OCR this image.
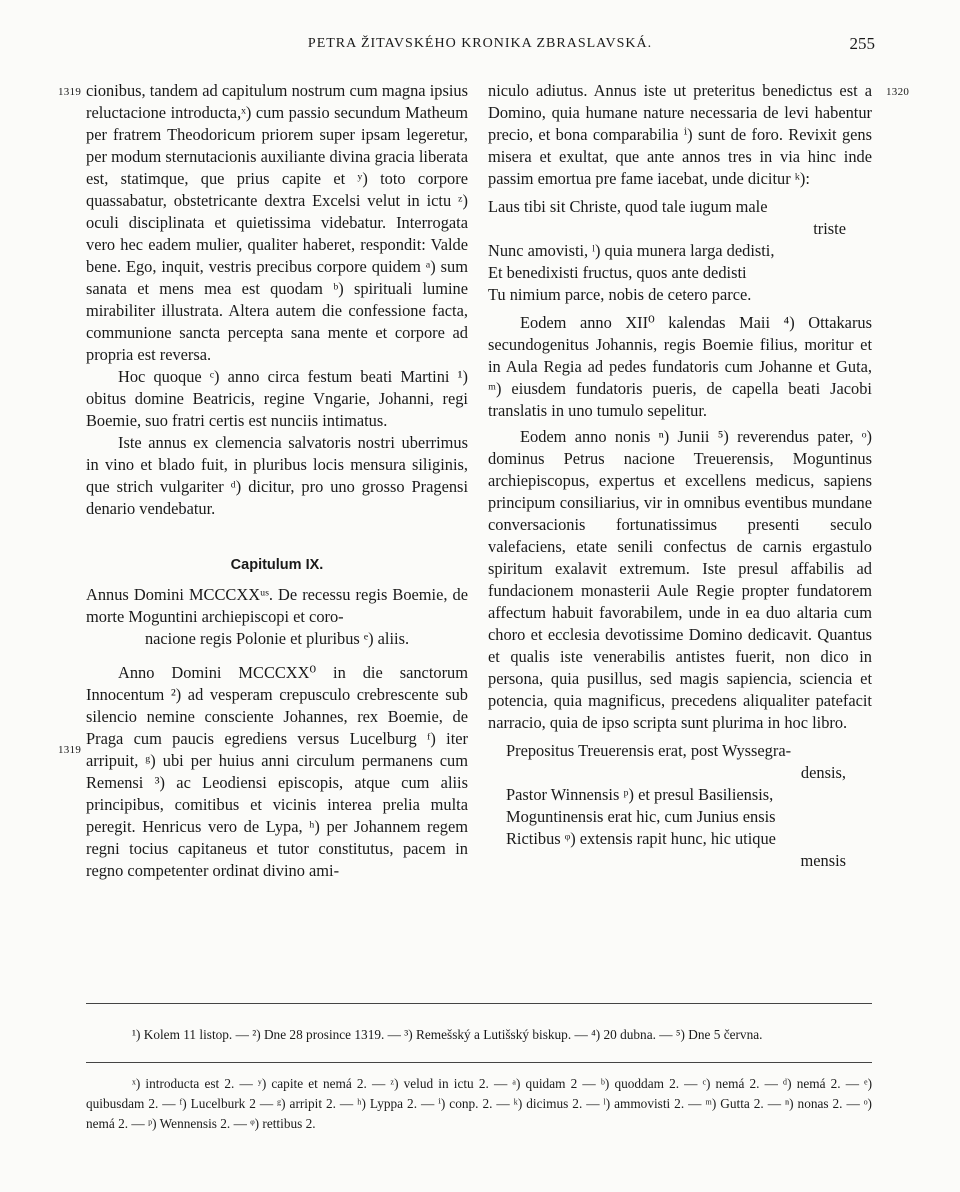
PETRA ŽITAVSKÉHO KRONIKA ZBRASLAVSKÁ.	255
1319
1319
1320

cionibus, tandem ad capitulum nostrum cum magna ipsius reluctacione introducta,ˣ) cum passio secundum Matheum per fratrem Theodoricum priorem super ipsam legeretur, per modum sternutacionis auxiliante divina gracia liberata est, statimque, que prius capite et ʸ) toto corpore quassabatur, obstetricante dextra Excelsi velut in ictu ᶻ) oculi disciplinata et quietissima videbatur. Interrogata vero hec eadem mulier, qualiter haberet, respondit: Valde bene. Ego, inquit, vestris precibus corpore quidem ᵃ) sum sanata et mens mea est quodam ᵇ) spirituali lumine mirabiliter illustrata. Altera autem die confessione facta, communione sancta percepta sana mente et corpore ad propria est reversa.

Hoc quoque ᶜ) anno circa festum beati Martini ¹) obitus domine Beatricis, regine Vngarie, Johanni, regi Boemie, suo fratri certis est nunciis intimatus.

Iste annus ex clemencia salvatoris nostri uberrimus in vino et blado fuit, in pluribus locis mensura siliginis, que strich vulgariter ᵈ) dicitur, pro uno grosso Pragensi denario vendebatur.

Capitulum IX.

Annus Domini MCCCXXᵘˢ. De recessu regis Boemie, de morte Moguntini archiepiscopi et coro-

nacione regis Polonie et pluribus ᵉ) aliis.

Anno Domini MCCCXX⁰ in die sanctorum Innocentum ²) ad vesperam crepusculo crebrescente sub silencio nemine consciente Johannes, rex Boemie, de Praga cum paucis egrediens versus Lucelburg ᶠ) iter arripuit, ᵍ) ubi per huius anni circulum permanens cum Remensi ³) ac Leodiensi episcopis, atque cum aliis principibus, comitibus et vicinis interea prelia multa peregit. Henricus vero de Lypa, ʰ) per Johannem regem regni tocius capitaneus et tutor constitutus, pacem in regno competenter ordinat divino ami-

niculo adiutus. Annus iste ut preteritus benedictus est a Domino, quia humane nature necessaria de levi habentur precio, et bona comparabilia ⁱ) sunt de foro. Revixit gens misera et exultat, que ante annos tres in via hinc inde passim emortua pre fame iacebat, unde dicitur ᵏ):

Laus tibi sit Christe, quod tale iugum male
triste
Nunc amovisti, ˡ) quia munera larga dedisti,
Et benedixisti fructus, quos ante dedisti
Tu nimium parce, nobis de cetero parce.

Eodem anno XII⁰ kalendas Maii ⁴) Ottakarus secundogenitus Johannis, regis Boemie filius, moritur et in Aula Regia ad pedes fundatoris cum Johanne et Guta, ᵐ) eiusdem fundatoris pueris, de capella beati Jacobi translatis in uno tumulo sepelitur.

Eodem anno nonis ⁿ) Junii ⁵) reverendus pater, ᵒ) dominus Petrus nacione Treuerensis, Moguntinus archiepiscopus, expertus et excellens medicus, sapiens principum consiliarius, vir in omnibus eventibus mundane conversacionis fortunatissimus presenti seculo valefaciens, etate senili confectus de carnis ergastulo spiritum exalavit extremum. Iste presul affabilis ad fundacionem monasterii Aule Regie propter fundatorem affectum habuit favorabilem, unde in ea duo altaria cum choro et ecclesia devotissime Domino dedicavit. Quantus et qualis iste venerabilis antistes fuerit, non dico in persona, quia pusillus, sed magis sapiencia, sciencia et potencia, quia magnificus, precedens aliqualiter patefacit narracio, quia de ipso scripta sunt plurima in hoc libro.

Prepositus Treuerensis erat, post Wyssegra-
densis,
Pastor Winnensis ᵖ) et presul Basiliensis,
Moguntinensis erat hic, cum Junius ensis
Rictibus ᵠ) extensis rapit hunc, hic utique
mensis

¹) Kolem 11 listop. — ²) Dne 28 prosince 1319. — ³) Remešský a Lutišský biskup. — ⁴) 20 dubna. — ⁵) Dne 5 června.

ˣ) introducta est 2. — ʸ) capite et nemá 2. — ᶻ) velud in ictu 2. — ᵃ) quidam 2 — ᵇ) quoddam 2. — ᶜ) nemá 2. — ᵈ) nemá 2. — ᵉ) quibusdam 2. — ᶠ) Lucelburk 2 — ᵍ) arripit 2. — ʰ) Lyppa 2. — ⁱ) conp. 2. — ᵏ) dicimus 2. — ˡ) ammovisti 2. — ᵐ) Gutta 2. — ⁿ) nonas 2. — ᵒ) nemá 2. — ᵖ) Wennensis 2. — ᵠ) rettibus 2.
